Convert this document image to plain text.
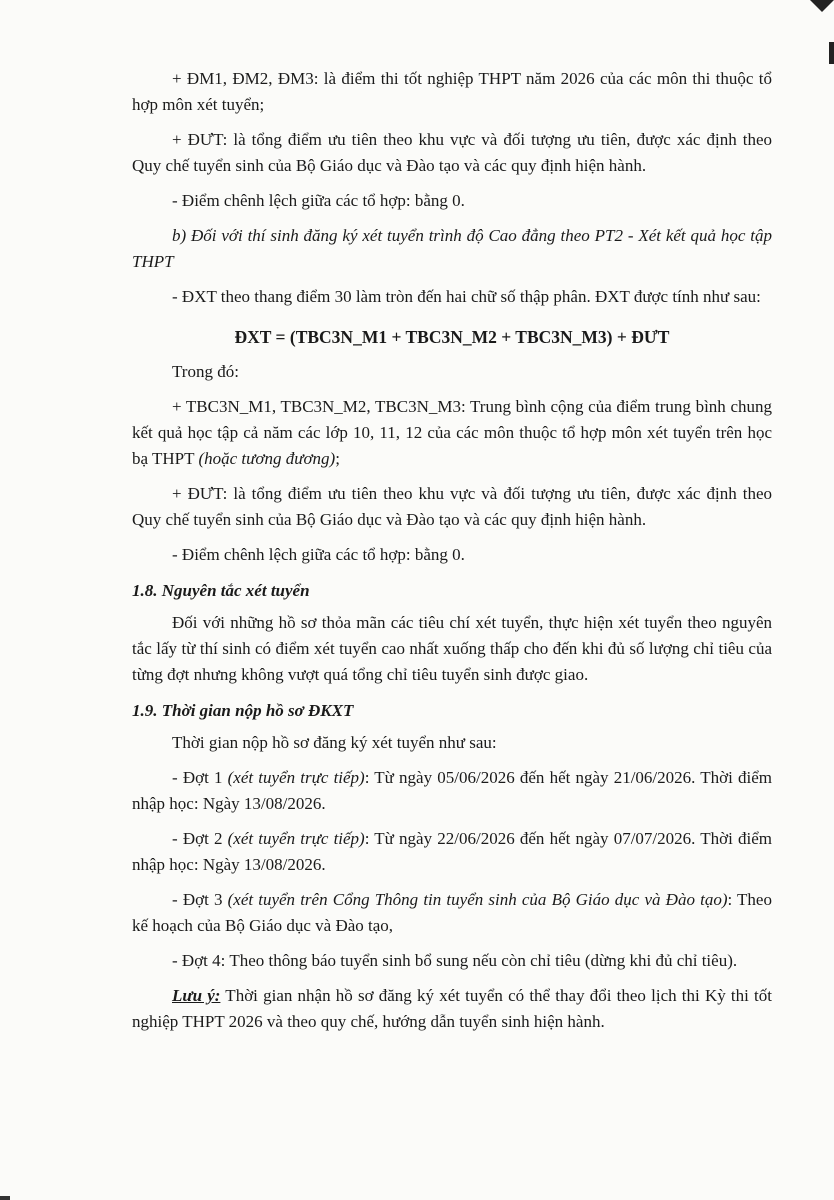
+ ĐM1, ĐM2, ĐM3: là điểm thi tốt nghiệp THPT năm 2026 của các môn thi thuộc tổ hợp môn xét tuyển;

+ ĐƯT: là tổng điểm ưu tiên theo khu vực và đối tượng ưu tiên, được xác định theo Quy chế tuyển sinh của Bộ Giáo dục và Đào tạo và các quy định hiện hành.

- Điểm chênh lệch giữa các tổ hợp: bằng 0.

b) Đối với thí sinh đăng ký xét tuyển trình độ Cao đẳng theo PT2 - Xét kết quả học tập THPT

- ĐXT theo thang điểm 30 làm tròn đến hai chữ số thập phân. ĐXT được tính như sau:

ĐXT = (TBC3N_M1 + TBC3N_M2 + TBC3N_M3) + ĐƯT

Trong đó:

+ TBC3N_M1, TBC3N_M2, TBC3N_M3: Trung bình cộng của điểm trung bình chung kết quả học tập cả năm các lớp 10, 11, 12 của các môn thuộc tổ hợp môn xét tuyển trên học bạ THPT (hoặc tương đương);

+ ĐƯT: là tổng điểm ưu tiên theo khu vực và đối tượng ưu tiên, được xác định theo Quy chế tuyển sinh của Bộ Giáo dục và Đào tạo và các quy định hiện hành.

- Điểm chênh lệch giữa các tổ hợp: bằng 0.

1.8. Nguyên tắc xét tuyển

Đối với những hồ sơ thỏa mãn các tiêu chí xét tuyển, thực hiện xét tuyển theo nguyên tắc lấy từ thí sinh có điểm xét tuyển cao nhất xuống thấp cho đến khi đủ số lượng chỉ tiêu của từng đợt nhưng không vượt quá tổng chỉ tiêu tuyển sinh được giao.

1.9. Thời gian nộp hồ sơ ĐKXT

Thời gian nộp hồ sơ đăng ký xét tuyển như sau:

- Đợt 1 (xét tuyển trực tiếp): Từ ngày 05/06/2026 đến hết ngày 21/06/2026. Thời điểm nhập học: Ngày 13/08/2026.

- Đợt 2 (xét tuyển trực tiếp): Từ ngày 22/06/2026 đến hết ngày 07/07/2026. Thời điểm nhập học: Ngày 13/08/2026.

- Đợt 3 (xét tuyển trên Cổng Thông tin tuyển sinh của Bộ Giáo dục và Đào tạo): Theo kế hoạch của Bộ Giáo dục và Đào tạo,

- Đợt 4: Theo thông báo tuyển sinh bổ sung nếu còn chỉ tiêu (dừng khi đủ chỉ tiêu).

Lưu ý: Thời gian nhận hồ sơ đăng ký xét tuyển có thể thay đổi theo lịch thi Kỳ thi tốt nghiệp THPT 2026 và theo quy chế, hướng dẫn tuyển sinh hiện hành.
